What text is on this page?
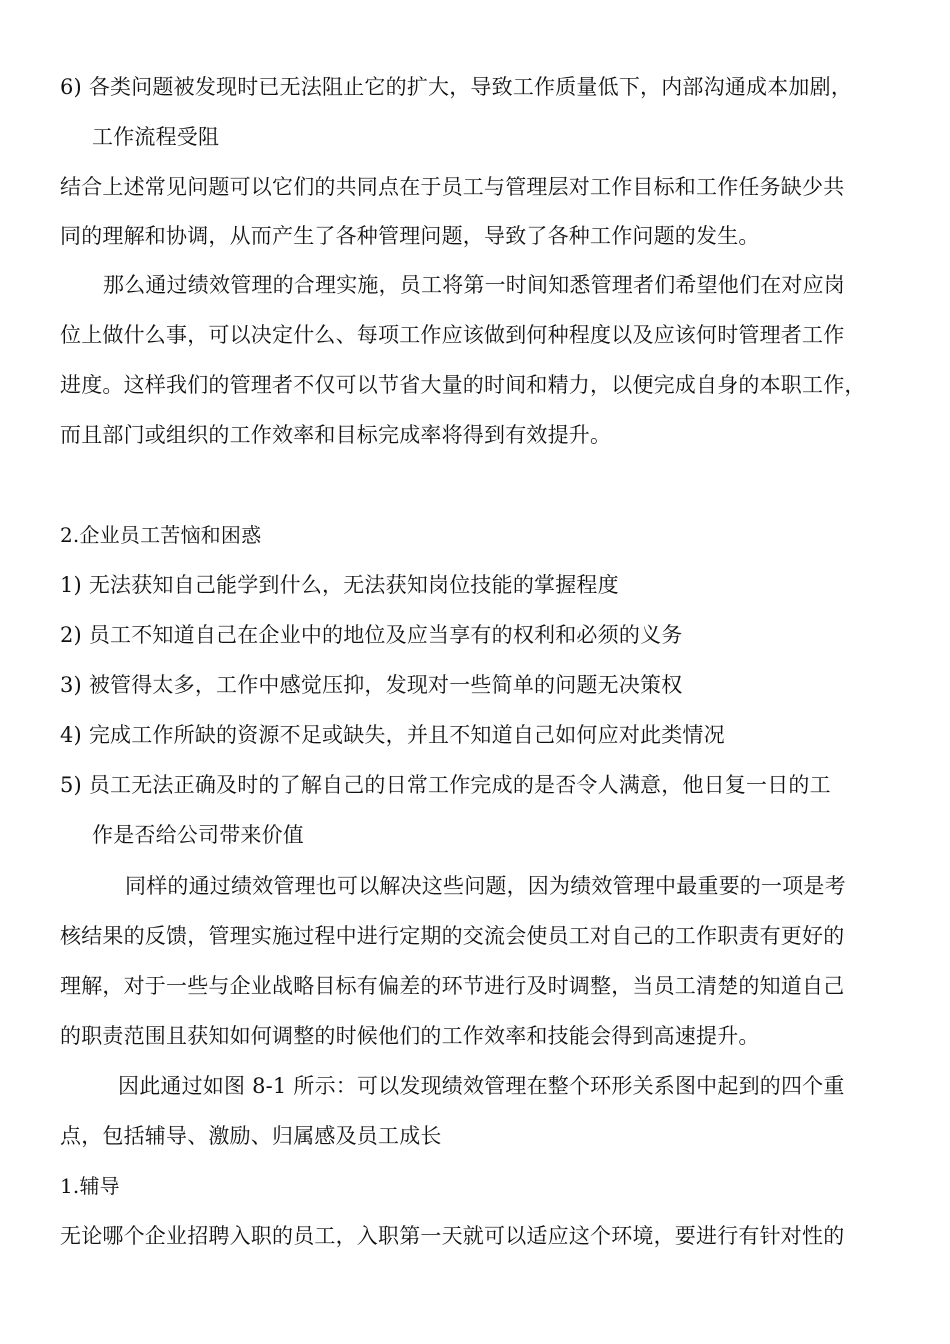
6) 各类问题被发现时已无法阻止它的扩大，导致工作质量低下，内部沟通成本加剧，
工作流程受阻
结合上述常见问题可以它们的共同点在于员工与管理层对工作目标和工作任务缺少共
同的理解和协调，从而产生了各种管理问题，导致了各种工作问题的发生。
那么通过绩效管理的合理实施，员工将第一时间知悉管理者们希望他们在对应岗
位上做什么事，可以决定什么、每项工作应该做到何种程度以及应该何时管理者工作
进度。这样我们的管理者不仅可以节省大量的时间和精力，以便完成自身的本职工作，
而且部门或组织的工作效率和目标完成率将得到有效提升。
2.企业员工苦恼和困惑
1) 无法获知自己能学到什么，无法获知岗位技能的掌握程度
2) 员工不知道自己在企业中的地位及应当享有的权利和必须的义务
3) 被管得太多，工作中感觉压抑，发现对一些简单的问题无决策权
4) 完成工作所缺的资源不足或缺失，并且不知道自己如何应对此类情况
5) 员工无法正确及时的了解自己的日常工作完成的是否令人满意，他日复一日的工
作是否给公司带来价值
同样的通过绩效管理也可以解决这些问题，因为绩效管理中最重要的一项是考
核结果的反馈，管理实施过程中进行定期的交流会使员工对自己的工作职责有更好的
理解，对于一些与企业战略目标有偏差的环节进行及时调整，当员工清楚的知道自己
的职责范围且获知如何调整的时候他们的工作效率和技能会得到高速提升。
因此通过如图 8-1 所示：可以发现绩效管理在整个环形关系图中起到的四个重
点，包括辅导、激励、归属感及员工成长
1.辅导
无论哪个企业招聘入职的员工，入职第一天就可以适应这个环境，要进行有针对性的
